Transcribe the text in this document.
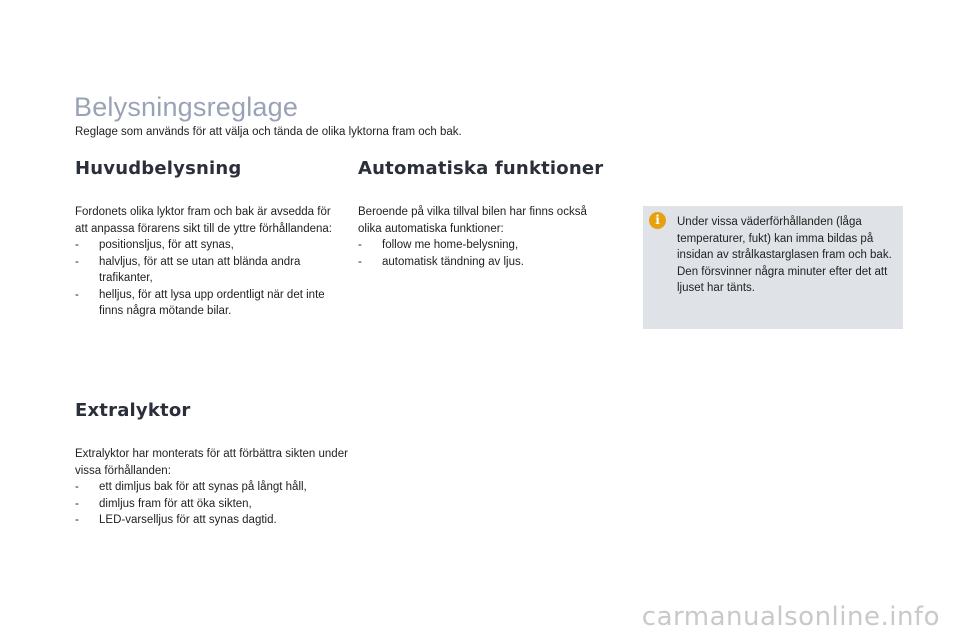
Belysningsreglage

Reglage som används för att välja och tända de olika lyktorna fram och bak.

Huvudbelysning
Fordonets olika lyktor fram och bak är avsedda för att anpassa förarens sikt till de yttre förhållandena:
- positionsljus, för att synas,
- halvljus, för att se utan att blända andra trafikanter,
- helljus, för att lysa upp ordentligt när det inte finns några mötande bilar.
Extralyktor
Extralyktor har monterats för att förbättra sikten under vissa förhållanden:
- ett dimljus bak för att synas på långt håll,
- dimljus fram för att öka sikten,
- LED-varselljus för att synas dagtid.
Automatiska funktioner
Beroende på vilka tillval bilen har finns också olika automatiska funktioner:
- follow me home-belysning,
- automatisk tändning av ljus.
i	Under vissa väderförhållanden (låga temperaturer, fukt) kan imma bildas på insidan av strålkastarglasen fram och bak. Den försvinner några minuter efter det att ljuset har tänts.

carmanualsonline.info
